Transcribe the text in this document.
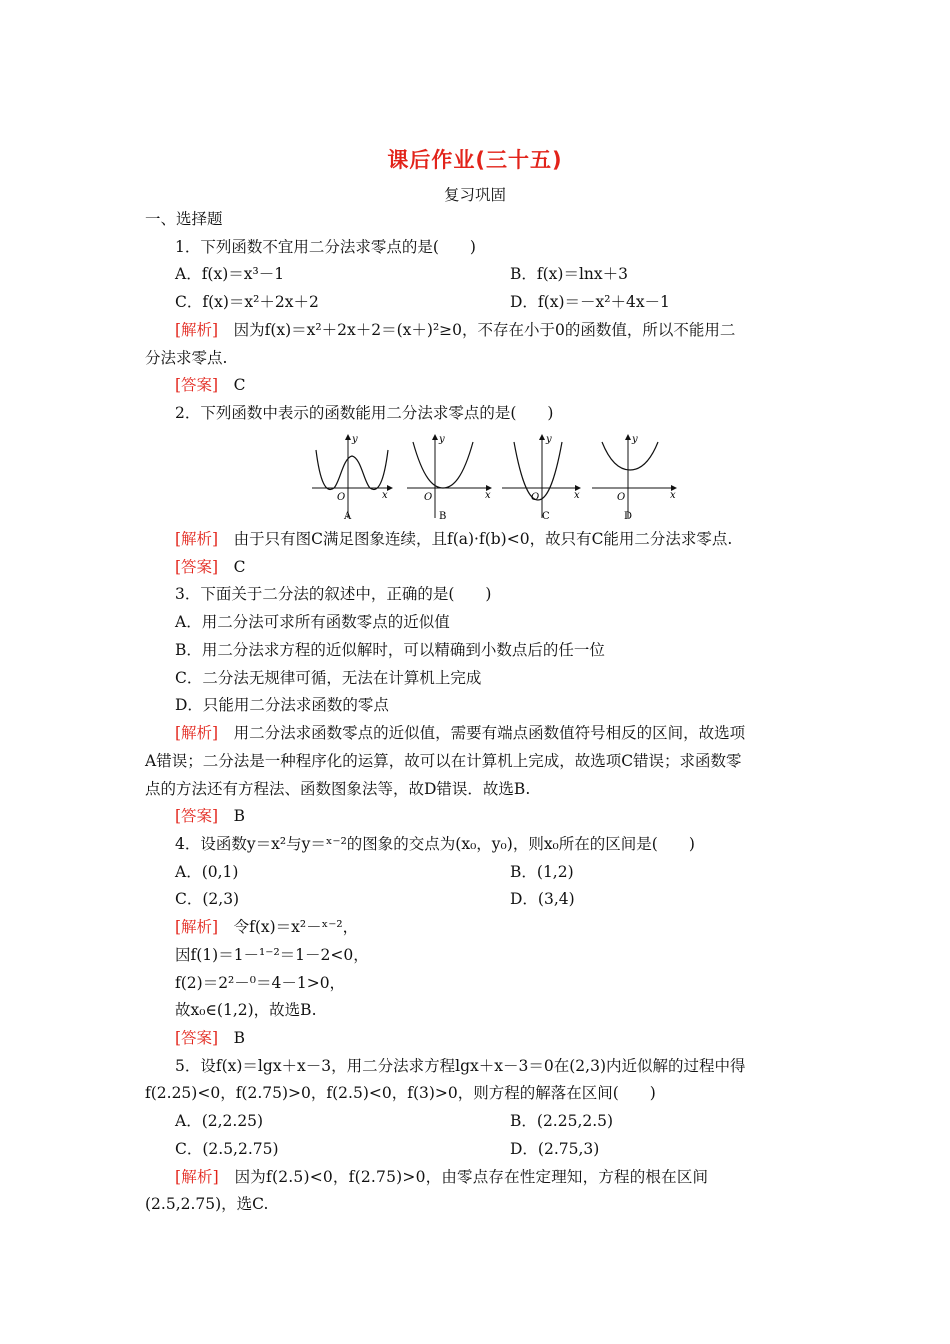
课后作业(三十五)
复习巩固
一、选择题
1．下列函数不宜用二分法求零点的是(　　)
A．f(x)＝x³－1	B．f(x)＝lnx＋3
C．f(x)＝x²＋2x＋2	D．f(x)＝－x²＋4x－1
[解析]　因为f(x)＝x²＋2x＋2＝(x＋)²≥0，不存在小于0的函数值，所以不能用二
分法求零点.
[答案]　C
2．下列函数中表示的函数能用二分法求零点的是(　　)
y
x
O
A
y
x
O
B
y
x
O
C
y
x
O
D
[解析]　由于只有图C满足图象连续，且f(a)·f(b)<0，故只有C能用二分法求零点.
[答案]　C
3．下面关于二分法的叙述中，正确的是(　　)
A．用二分法可求所有函数零点的近似值
B．用二分法求方程的近似解时，可以精确到小数点后的任一位
C．二分法无规律可循，无法在计算机上完成
D．只能用二分法求函数的零点
[解析]　用二分法求函数零点的近似值，需要有端点函数值符号相反的区间，故选项
A错误；二分法是一种程序化的运算，故可以在计算机上完成，故选项C错误；求函数零
点的方法还有方程法、函数图象法等，故D错误．故选B.
[答案]　B
4．设函数y＝x²与y＝ˣ⁻²的图象的交点为(x₀，y₀)，则x₀所在的区间是(　　)
A．(0,1)	B．(1,2)
C．(2,3)	D．(3,4)
[解析]　令f(x)＝x²－ˣ⁻²，
因f(1)＝1－¹⁻²＝1－2<0，
f(2)＝2²－⁰＝4－1>0，
故x₀∈(1,2)，故选B.
[答案]　B
5．设f(x)＝lgx＋x－3，用二分法求方程lgx＋x－3＝0在(2,3)内近似解的过程中得
f(2.25)<0，f(2.75)>0，f(2.5)<0，f(3)>0，则方程的解落在区间(　　)
A．(2,2.25)	B．(2.25,2.5)
C．(2.5,2.75)	D．(2.75,3)
[解析]　因为f(2.5)<0，f(2.75)>0，由零点存在性定理知，方程的根在区间
(2.5,2.75)，选C.
